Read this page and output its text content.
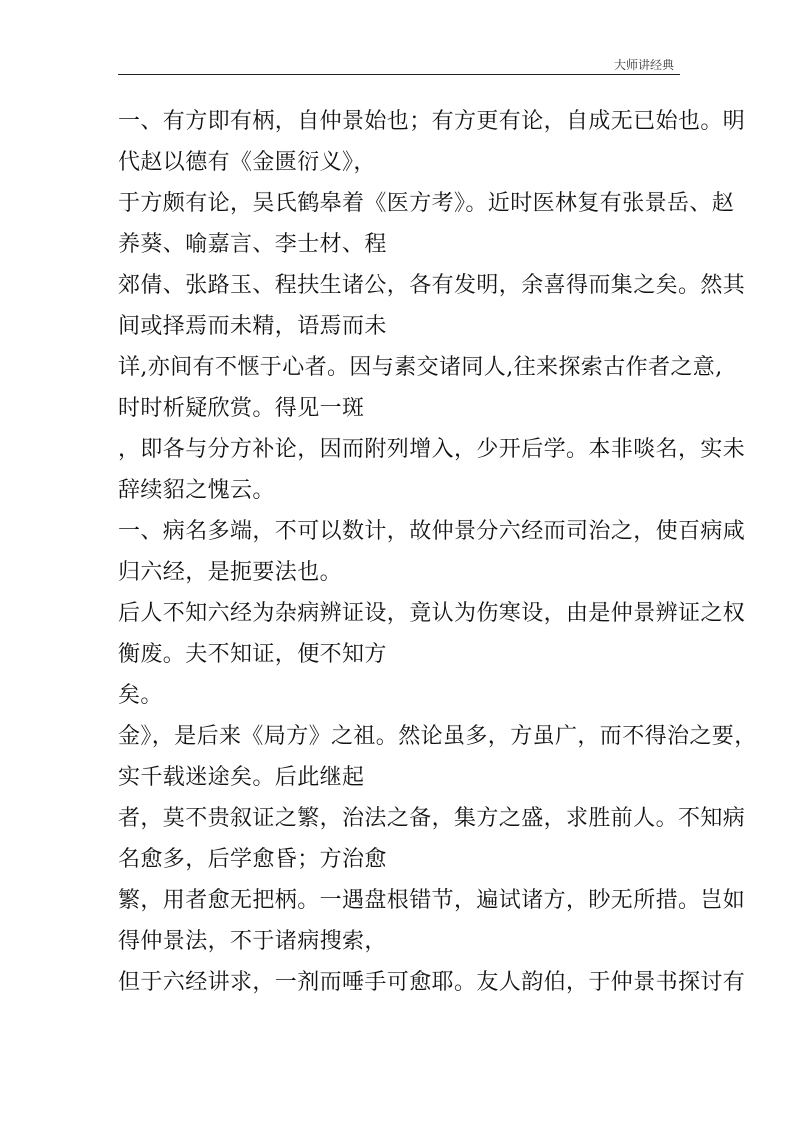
大师讲经典
一、有方即有柄，自仲景始也；有方更有论，自成无已始也。明
代赵以德有《金匮衍义》，
于方颇有论，吴氏鹤皋着《医方考》。近时医林复有张景岳、赵
养葵、喻嘉言、李士材、程
郊倩、张路玉、程扶生诸公，各有发明，余喜得而集之矣。然其
间或择焉而未精，语焉而未
详,亦间有不惬于心者。因与素交诸同人,往来探索古作者之意,
时时析疑欣赏。得见一斑
，即各与分方补论，因而附列增入，少开后学。本非啖名，实未
辞续貂之愧云。
一、病名多端，不可以数计，故仲景分六经而司治之，使百病咸
归六经，是扼要法也。
后人不知六经为杂病辨证设，竟认为伤寒设，由是仲景辨证之权
衡废。夫不知证，便不知方
矣。
金》，是后来《局方》之祖。然论虽多，方虽广，而不得治之要，
实千载迷途矣。后此继起
者，莫不贵叙证之繁，治法之备，集方之盛，求胜前人。不知病
名愈多，后学愈昏；方治愈
繁，用者愈无把柄。一遇盘根错节，遍试诸方，眇无所措。岂如
得仲景法，不于诸病搜索，
但于六经讲求，一剂而唾手可愈耶。友人韵伯，于仲景书探讨有
